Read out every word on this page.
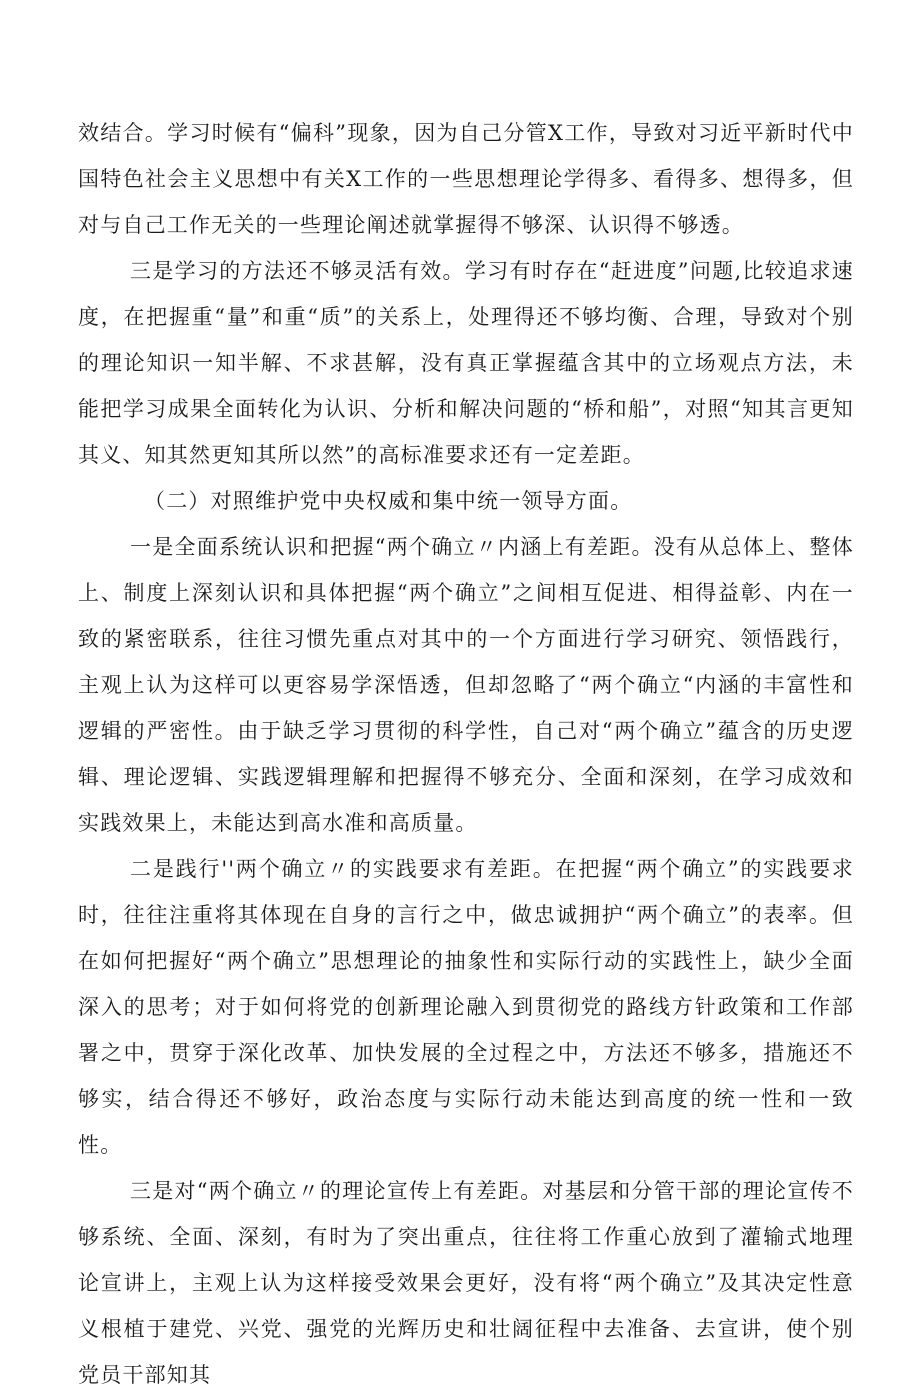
效结合。学习时候有“偏科”现象，因为自己分管X工作，导致对习近平新时代中国特色社会主义思想中有关X工作的一些思想理论学得多、看得多、想得多，但对与自己工作无关的一些理论阐述就掌握得不够深、认识得不够透。

三是学习的方法还不够灵活有效。学习有时存在“赶进度”问题,比较追求速度，在把握重“量”和重“质”的关系上，处理得还不够均衡、合理，导致对个别的理论知识一知半解、不求甚解，没有真正掌握蕴含其中的立场观点方法，未能把学习成果全面转化为认识、分析和解决问题的“桥和船”，对照“知其言更知其义、知其然更知其所以然”的高标准要求还有一定差距。

（二）对照维护党中央权威和集中统一领导方面。

一是全面系统认识和把握“两个确立〃内涵上有差距。没有从总体上、整体上、制度上深刻认识和具体把握“两个确立”之间相互促进、相得益彰、内在一致的紧密联系，往往习惯先重点对其中的一个方面进行学习研究、领悟践行，主观上认为这样可以更容易学深悟透，但却忽略了“两个确立“内涵的丰富性和逻辑的严密性。由于缺乏学习贯彻的科学性，自己对“两个确立”蕴含的历史逻辑、理论逻辑、实践逻辑理解和把握得不够充分、全面和深刻，在学习成效和实践效果上，未能达到高水准和高质量。

二是践行''两个确立〃的实践要求有差距。在把握“两个确立”的实践要求时，往往注重将其体现在自身的言行之中，做忠诚拥护“两个确立”的表率。但在如何把握好“两个确立”思想理论的抽象性和实际行动的实践性上，缺少全面深入的思考；对于如何将党的创新理论融入到贯彻党的路线方针政策和工作部署之中，贯穿于深化改革、加快发展的全过程之中，方法还不够多，措施还不够实，结合得还不够好，政治态度与实际行动未能达到高度的统一性和一致性。

三是对“两个确立〃的理论宣传上有差距。对基层和分管干部的理论宣传不够系统、全面、深刻，有时为了突出重点，往往将工作重心放到了灌输式地理论宣讲上，主观上认为这样接受效果会更好，没有将“两个确立”及其决定性意义根植于建党、兴党、强党的光辉历史和壮阔征程中去准备、去宣讲，使个别党员干部知其
